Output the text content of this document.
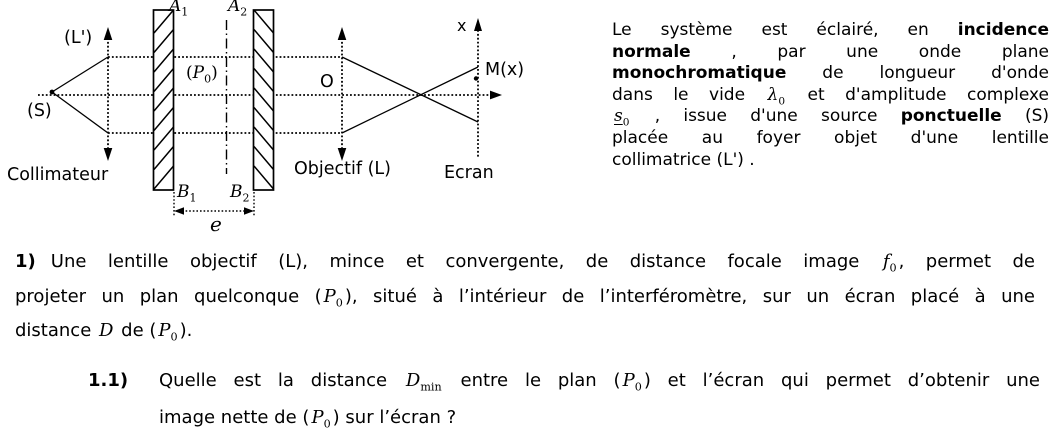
(L')
(S)
Collimateur
$A_1$ $A_2$
$B_1$ $B_2$
$(P_0)$
e
O
Objectif (L)
x
M(x)
Ecran
Le système est éclairé, en incidence
normale , par une onde plane
monochromatique de longueur d'onde
dans le vide $\lambda_0$ et d'amplitude complexe
$s_0$ , issue d'une source ponctuelle (S)
placée au foyer objet d'une lentille
collimatrice (L') .
1) Une lentille objectif (L), mince et convergente, de distance focale image $f_0$ , permet de
projeter un plan quelconque ( $P_0$ ), situé à l’intérieur de l’interféromètre, sur un écran placé à une
distance D de ( $P_0$ ).
1.1) Quelle est la distance $D_{min}$ entre le plan ( $P_0$ ) et l’écran qui permet d’obtenir une
image nette de ( $P_0$ ) sur l’écran ?
